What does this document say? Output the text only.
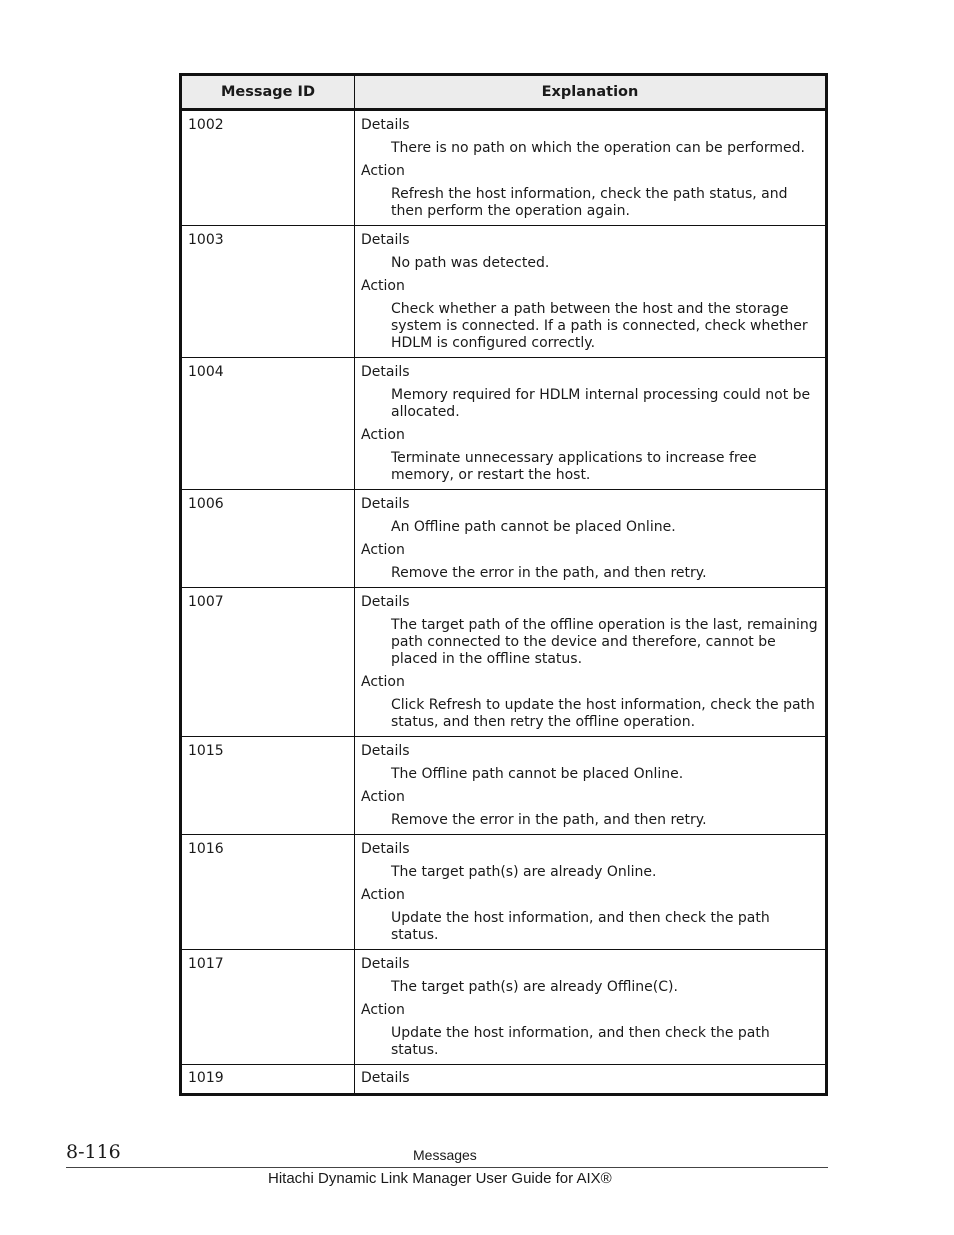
Message ID	Explanation
1002	Details
There is no path on which the operation can be performed.
Action
Refresh the host information, check the path status, and then perform the operation again.

1003	Details
No path was detected.
Action
Check whether a path between the host and the storage system is connected. If a path is connected, check whether HDLM is configured correctly.

1004	Details
Memory required for HDLM internal processing could not be allocated.
Action
Terminate unnecessary applications to increase free memory, or restart the host.

1006	Details
An Offline path cannot be placed Online.
Action
Remove the error in the path, and then retry.

1007	Details
The target path of the offline operation is the last, remaining path connected to the device and therefore, cannot be placed in the offline status.
Action
Click Refresh to update the host information, check the path status, and then retry the offline operation.

1015	Details
The Offline path cannot be placed Online.
Action
Remove the error in the path, and then retry.

1016	Details
The target path(s) are already Online.
Action
Update the host information, and then check the path status.

1017	Details
The target path(s) are already Offline(C).
Action
Update the host information, and then check the path status.

1019	Details
8-116	Messages
Hitachi Dynamic Link Manager User Guide for AIX®
